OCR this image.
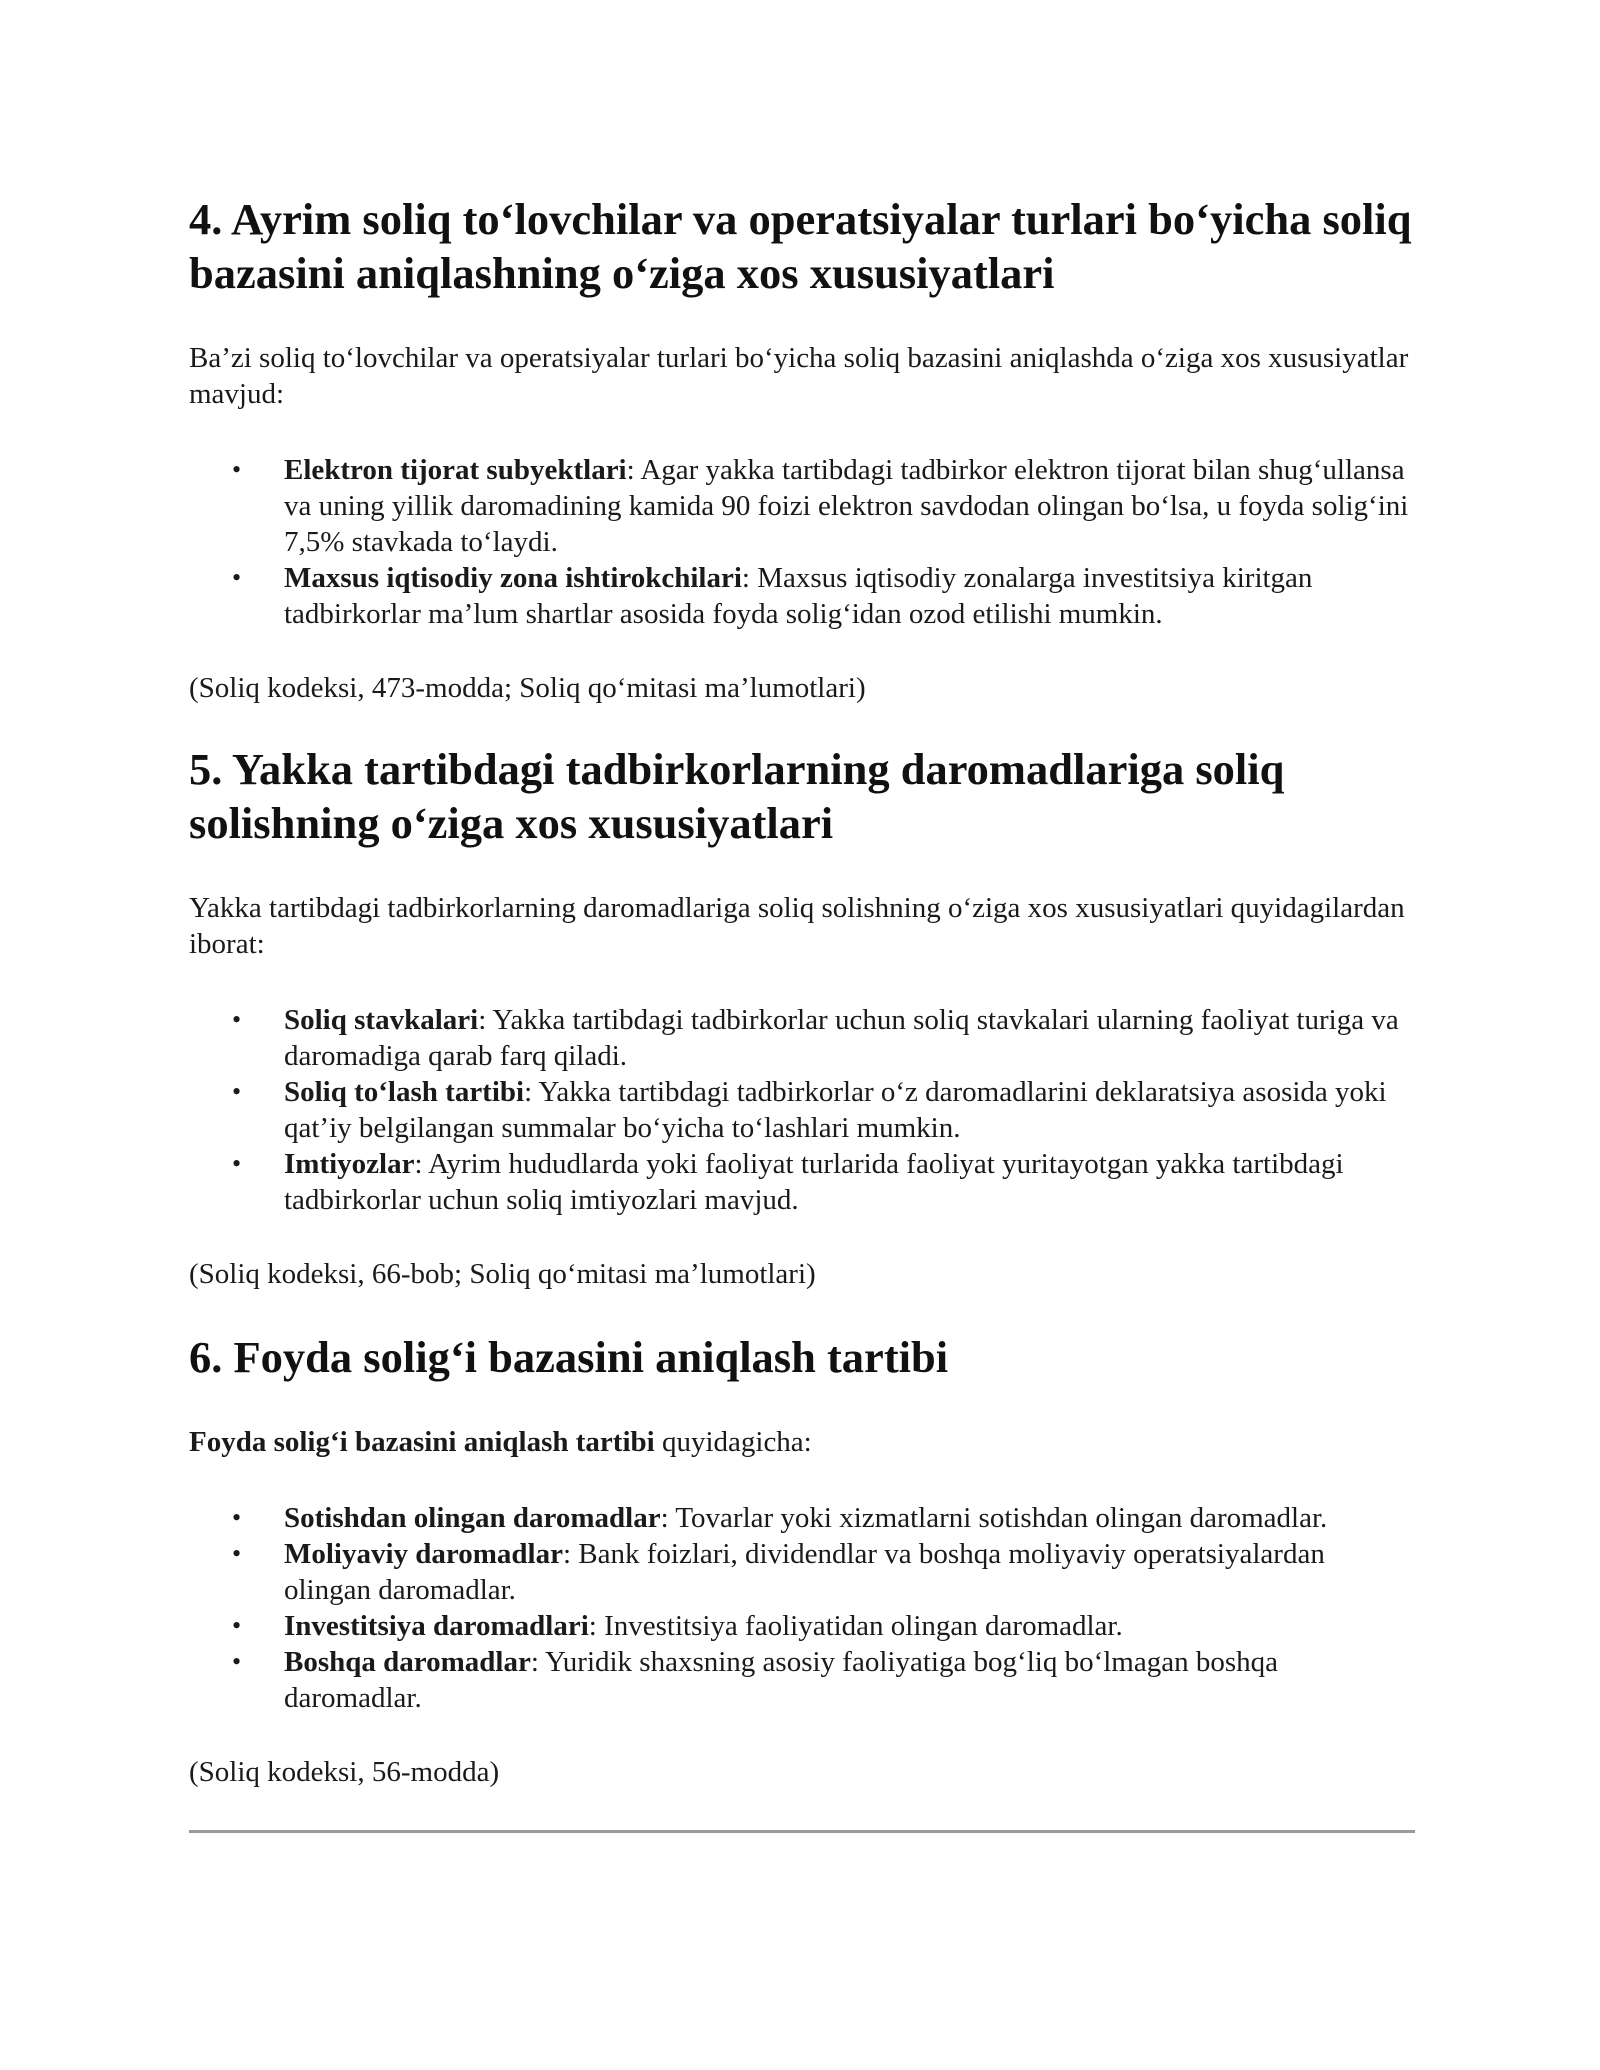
4. Ayrim soliq to‘lovchilar va operatsiyalar turlari bo‘yicha soliq bazasini aniqlashning o‘ziga xos xususiyatlari

Ba’zi soliq to‘lovchilar va operatsiyalar turlari bo‘yicha soliq bazasini aniqlashda o‘ziga xos xususiyatlar mavjud:

• Elektron tijorat subyektlari: Agar yakka tartibdagi tadbirkor elektron tijorat bilan shug‘ullansa va uning yillik daromadining kamida 90 foizi elektron savdodan olingan bo‘lsa, u foyda solig‘ini 7,5% stavkada to‘laydi.
• Maxsus iqtisodiy zona ishtirokchilari: Maxsus iqtisodiy zonalarga investitsiya kiritgan tadbirkorlar ma’lum shartlar asosida foyda solig‘idan ozod etilishi mumkin.

(Soliq kodeksi, 473-modda; Soliq qo‘mitasi ma’lumotlari)

5. Yakka tartibdagi tadbirkorlarning daromadlariga soliq solishning o‘ziga xos xususiyatlari

Yakka tartibdagi tadbirkorlarning daromadlariga soliq solishning o‘ziga xos xususiyatlari quyidagilardan iborat:

• Soliq stavkalari: Yakka tartibdagi tadbirkorlar uchun soliq stavkalari ularning faoliyat turiga va daromadiga qarab farq qiladi.
• Soliq to‘lash tartibi: Yakka tartibdagi tadbirkorlar o‘z daromadlarini deklaratsiya asosida yoki qat’iy belgilangan summalar bo‘yicha to‘lashlari mumkin.
• Imtiyozlar: Ayrim hududlarda yoki faoliyat turlarida faoliyat yuritayotgan yakka tartibdagi tadbirkorlar uchun soliq imtiyozlari mavjud.

(Soliq kodeksi, 66-bob; Soliq qo‘mitasi ma’lumotlari)

6. Foyda solig‘i bazasini aniqlash tartibi

Foyda solig‘i bazasini aniqlash tartibi quyidagicha:

• Sotishdan olingan daromadlar: Tovarlar yoki xizmatlarni sotishdan olingan daromadlar.
• Moliyaviy daromadlar: Bank foizlari, dividendlar va boshqa moliyaviy operatsiyalardan olingan daromadlar.
• Investitsiya daromadlari: Investitsiya faoliyatidan olingan daromadlar.
• Boshqa daromadlar: Yuridik shaxsning asosiy faoliyatiga bog‘liq bo‘lmagan boshqa daromadlar.

(Soliq kodeksi, 56-modda)
